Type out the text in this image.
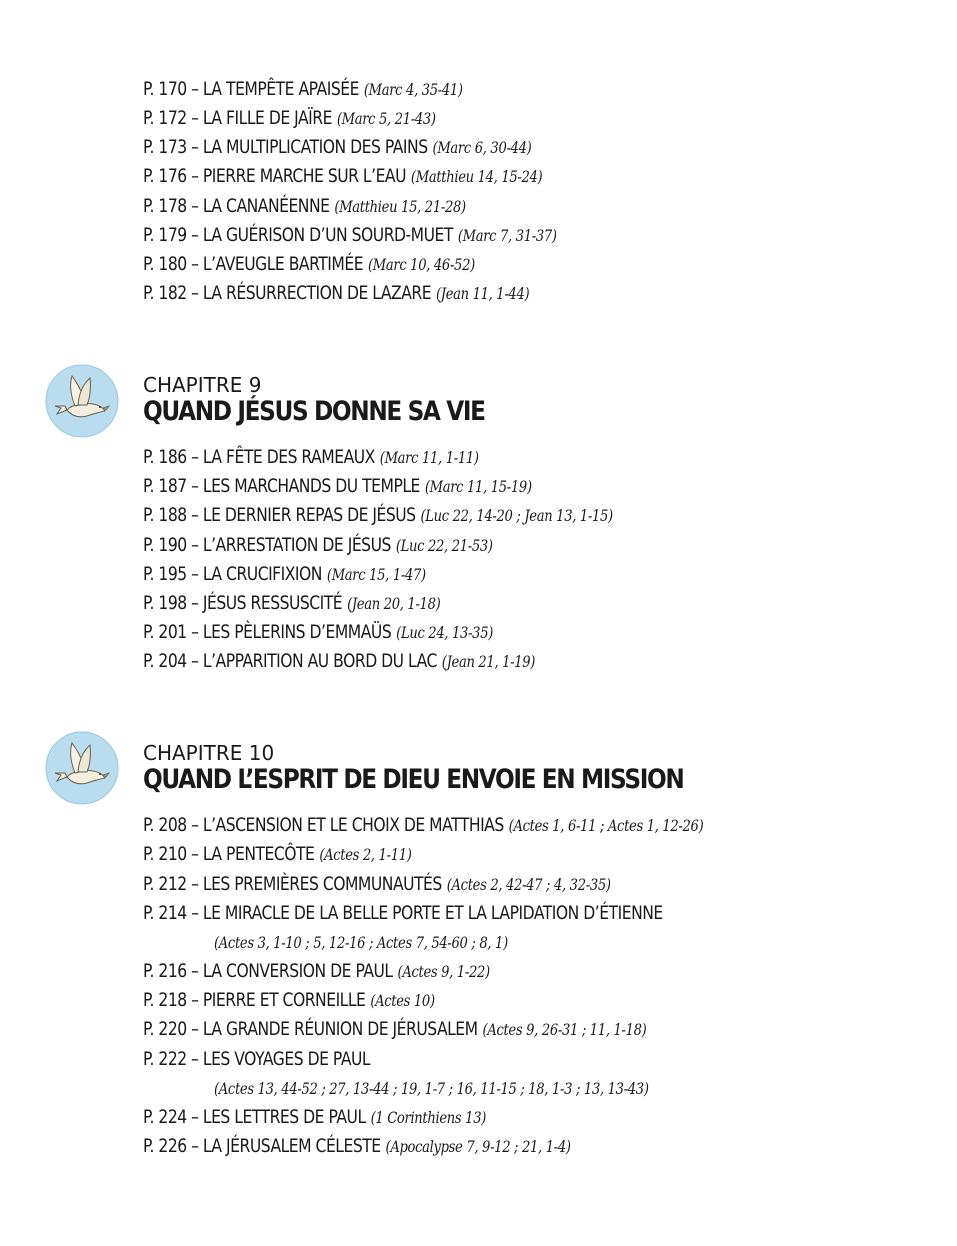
P. 170 – LA TEMPÊTE APAISÉE (Marc 4, 35-41)
P. 172 – LA FILLE DE JAÏRE (Marc 5, 21-43)
P. 173 – LA MULTIPLICATION DES PAINS (Marc 6, 30-44)
P. 176 – PIERRE MARCHE SUR L’EAU (Matthieu 14, 15-24)
P. 178 – LA CANANÉENNE (Matthieu 15, 21-28)
P. 179 – LA GUÉRISON D’UN SOURD-MUET (Marc 7, 31-37)
P. 180 – L’AVEUGLE BARTIMÉE (Marc 10, 46-52)
P. 182 – LA RÉSURRECTION DE LAZARE (Jean 11, 1-44)
CHAPITRE 9
QUAND JÉSUS DONNE SA VIE
P. 186 – LA FÊTE DES RAMEAUX (Marc 11, 1-11)
P. 187 – LES MARCHANDS DU TEMPLE (Marc 11, 15-19)
P. 188 – LE DERNIER REPAS DE JÉSUS (Luc 22, 14-20 ; Jean 13, 1-15)
P. 190 – L’ARRESTATION DE JÉSUS (Luc 22, 21-53)
P. 195 – LA CRUCIFIXION (Marc 15, 1-47)
P. 198 – JÉSUS RESSUSCITÉ (Jean 20, 1-18)
P. 201 – LES PÈLERINS D’EMMAÜS (Luc 24, 13-35)
P. 204 – L’APPARITION AU BORD DU LAC (Jean 21, 1-19)
CHAPITRE 10
QUAND L’ESPRIT DE DIEU ENVOIE EN MISSION
P. 208 – L’ASCENSION ET LE CHOIX DE MATTHIAS (Actes 1, 6-11 ; Actes 1, 12-26)
P. 210 – LA PENTECÔTE (Actes 2, 1-11)
P. 212 – LES PREMIÈRES COMMUNAUTÉS (Actes 2, 42-47 ; 4, 32-35)
P. 214 – LE MIRACLE DE LA BELLE PORTE ET LA LAPIDATION D’ÉTIENNE
(Actes 3, 1-10 ; 5, 12-16 ; Actes 7, 54-60 ; 8, 1)
P. 216 – LA CONVERSION DE PAUL (Actes 9, 1-22)
P. 218 – PIERRE ET CORNEILLE (Actes 10)
P. 220 – LA GRANDE RÉUNION DE JÉRUSALEM (Actes 9, 26-31 ; 11, 1-18)
P. 222 – LES VOYAGES DE PAUL
(Actes 13, 44-52 ; 27, 13-44 ; 19, 1-7 ; 16, 11-15 ; 18, 1-3 ; 13, 13-43)
P. 224 – LES LETTRES DE PAUL (1 Corinthiens 13)
P. 226 – LA JÉRUSALEM CÉLESTE (Apocalypse 7, 9-12 ; 21, 1-4)
